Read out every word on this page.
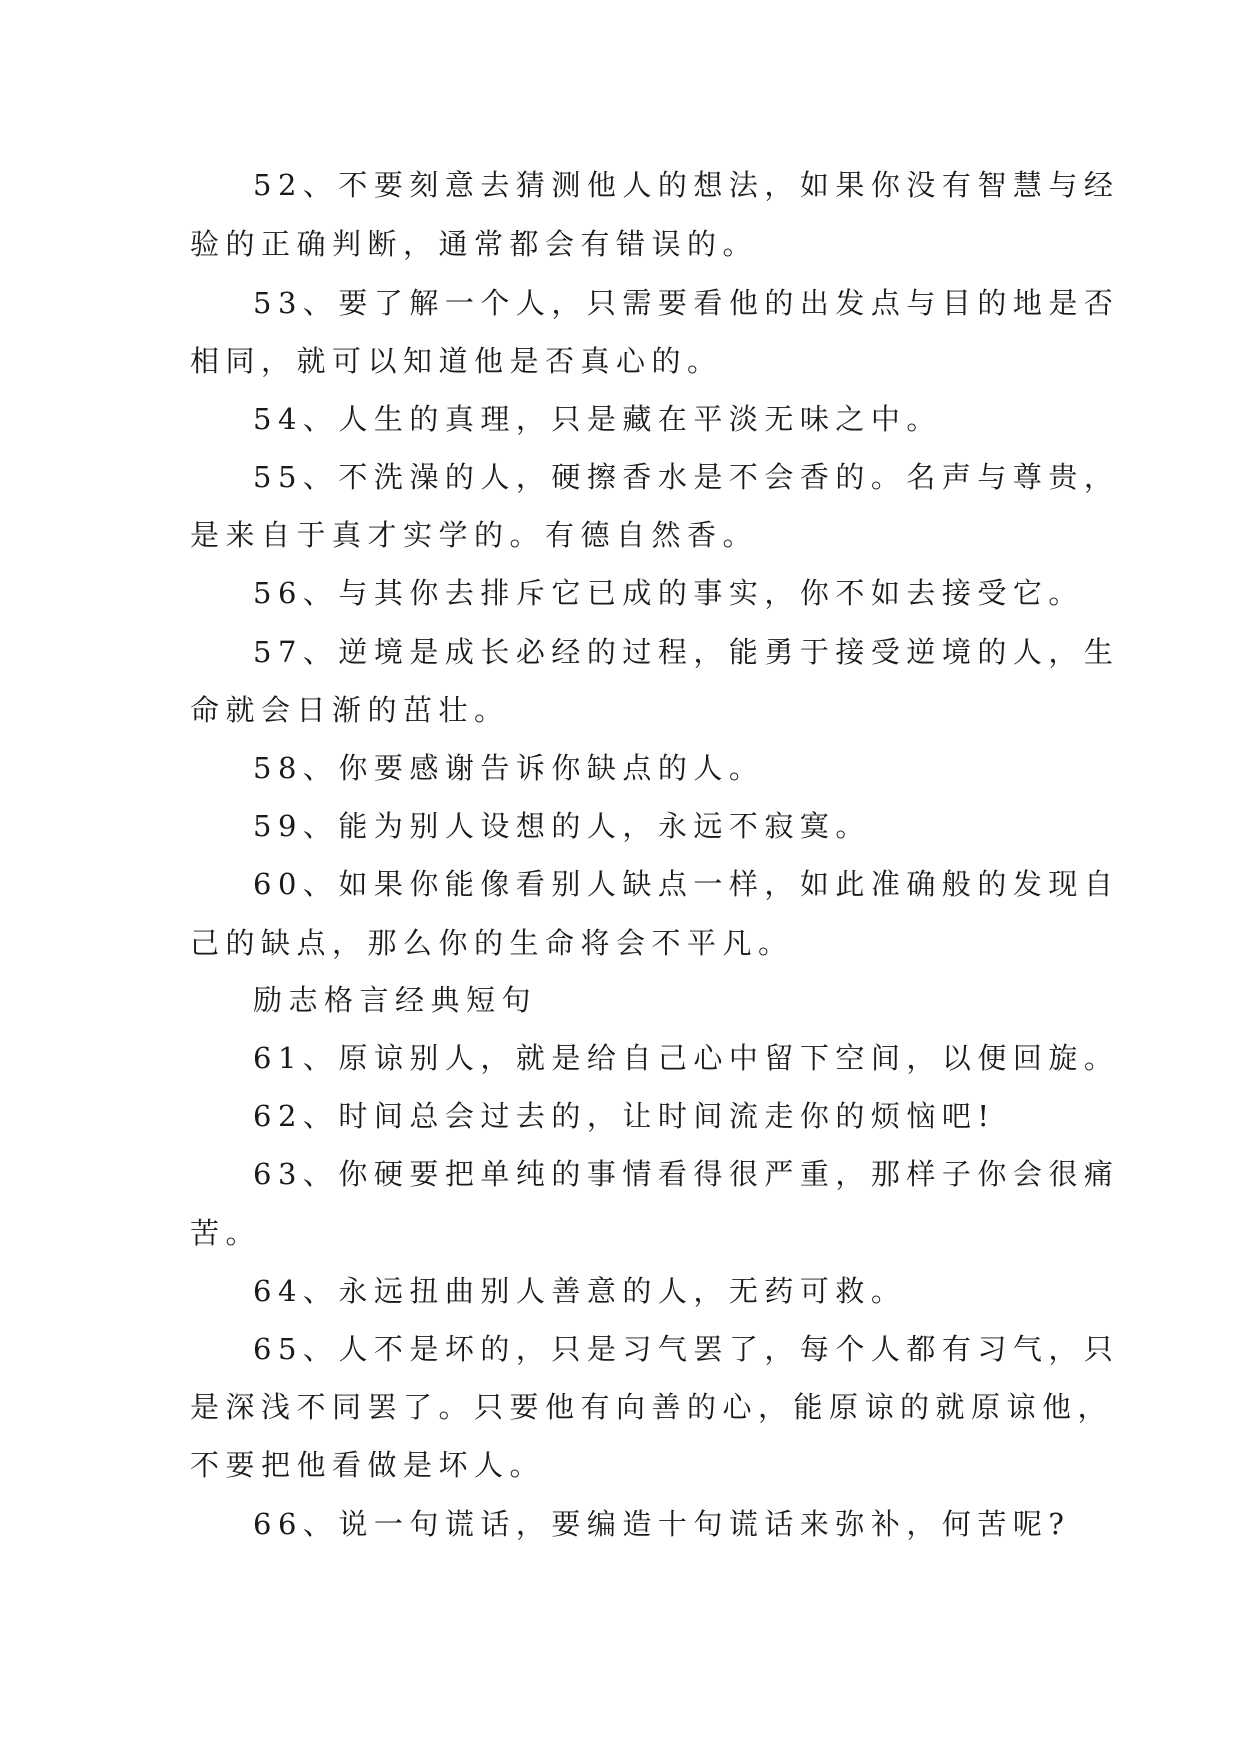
52、不要刻意去猜测他人的想法，如果你没有智慧与经
验的正确判断，通常都会有错误的。
53、要了解一个人，只需要看他的出发点与目的地是否
相同，就可以知道他是否真心的。
54、人生的真理，只是藏在平淡无味之中。
55、不洗澡的人，硬擦香水是不会香的。名声与尊贵，
是来自于真才实学的。有德自然香。
56、与其你去排斥它已成的事实，你不如去接受它。
57、逆境是成长必经的过程，能勇于接受逆境的人，生
命就会日渐的茁壮。
58、你要感谢告诉你缺点的人。
59、能为别人设想的人，永远不寂寞。
60、如果你能像看别人缺点一样，如此准确般的发现自
己的缺点，那么你的生命将会不平凡。
励志格言经典短句
61、原谅别人，就是给自己心中留下空间，以便回旋。
62、时间总会过去的，让时间流走你的烦恼吧!
63、你硬要把单纯的事情看得很严重，那样子你会很痛
苦。
64、永远扭曲别人善意的人，无药可救。
65、人不是坏的，只是习气罢了，每个人都有习气，只
是深浅不同罢了。只要他有向善的心，能原谅的就原谅他，
不要把他看做是坏人。
66、说一句谎话，要编造十句谎话来弥补，何苦呢?
